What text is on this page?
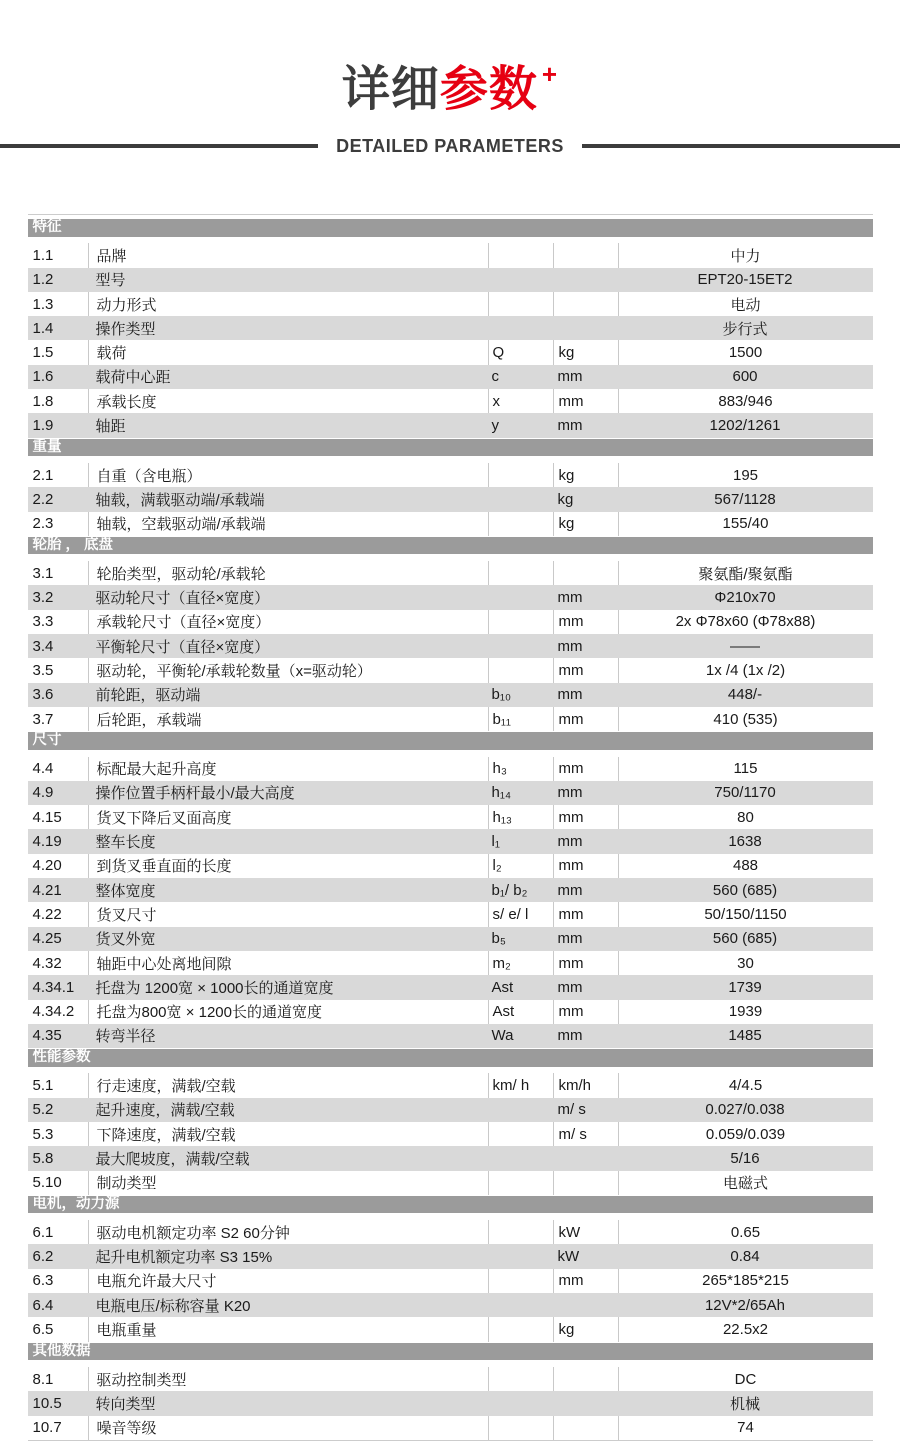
详细参数 +
DETAILED PARAMETERS
特征
1.1	品牌	中力
1.2	型号	EPT20-15ET2
1.3	动力形式	电动
1.4	操作类型	步行式
1.5	载荷	Q	kg	1500
1.6	载荷中心距	c	mm	600
1.8	承载长度	x	mm	883/946
1.9	轴距	y	mm	1202/1261
重量
2.1	自重（含电瓶）	kg	195
2.2	轴载，满载驱动端/承载端	kg	567/1128
2.3	轴载，空载驱动端/承载端	kg	155/40
轮胎 ， 底盘
3.1	轮胎类型，驱动轮/承载轮	聚氨酯/聚氨酯
3.2	驱动轮尺寸（直径×宽度）	mm	Φ210x70
3.3	承载轮尺寸（直径×宽度）	mm	2x Φ78x60 (Φ78x88)
3.4	平衡轮尺寸（直径×宽度）	mm	——
3.5	驱动轮，平衡轮/承载轮数量（x=驱动轮）	mm	1x /4 (1x /2)
3.6	前轮距，驱动端	b₁₀	mm	448/-
3.7	后轮距，承载端	b₁₁	mm	410 (535)
尺寸
4.4	标配最大起升高度	h₃	mm	115
4.9	操作位置手柄杆最小/最大高度	h₁₄	mm	750/1170
4.15	货叉下降后叉面高度	h₁₃	mm	80
4.19	整车长度	l₁	mm	1638
4.20	到货叉垂直面的长度	l₂	mm	488
4.21	整体宽度	b₁/ b₂	mm	560 (685)
4.22	货叉尺寸	s/ e/ l	mm	50/150/1150
4.25	货叉外宽	b₅	mm	560 (685)
4.32	轴距中心处离地间隙	m₂	mm	30
4.34.1	托盘为 1200宽 × 1000长的通道宽度	Ast	mm	1739
4.34.2	托盘为800宽 × 1200长的通道宽度	Ast	mm	1939
4.35	转弯半径	Wa	mm	1485
性能参数
5.1	行走速度，满载/空载	km/ h	km/h	4/4.5
5.2	起升速度，满载/空载	m/ s	0.027/0.038
5.3	下降速度，满载/空载	m/ s	0.059/0.039
5.8	最大爬坡度，满载/空载	5/16
5.10	制动类型	电磁式
电机，动力源
6.1	驱动电机额定功率 S2 60分钟	kW	0.65
6.2	起升电机额定功率 S3 15%	kW	0.84
6.3	电瓶允许最大尺寸	mm	265*185*215
6.4	电瓶电压/标称容量 K20	12V*2/65Ah
6.5	电瓶重量	kg	22.5x2
其他数据
8.1	驱动控制类型	DC
10.5	转向类型	机械
10.7	噪音等级	74
